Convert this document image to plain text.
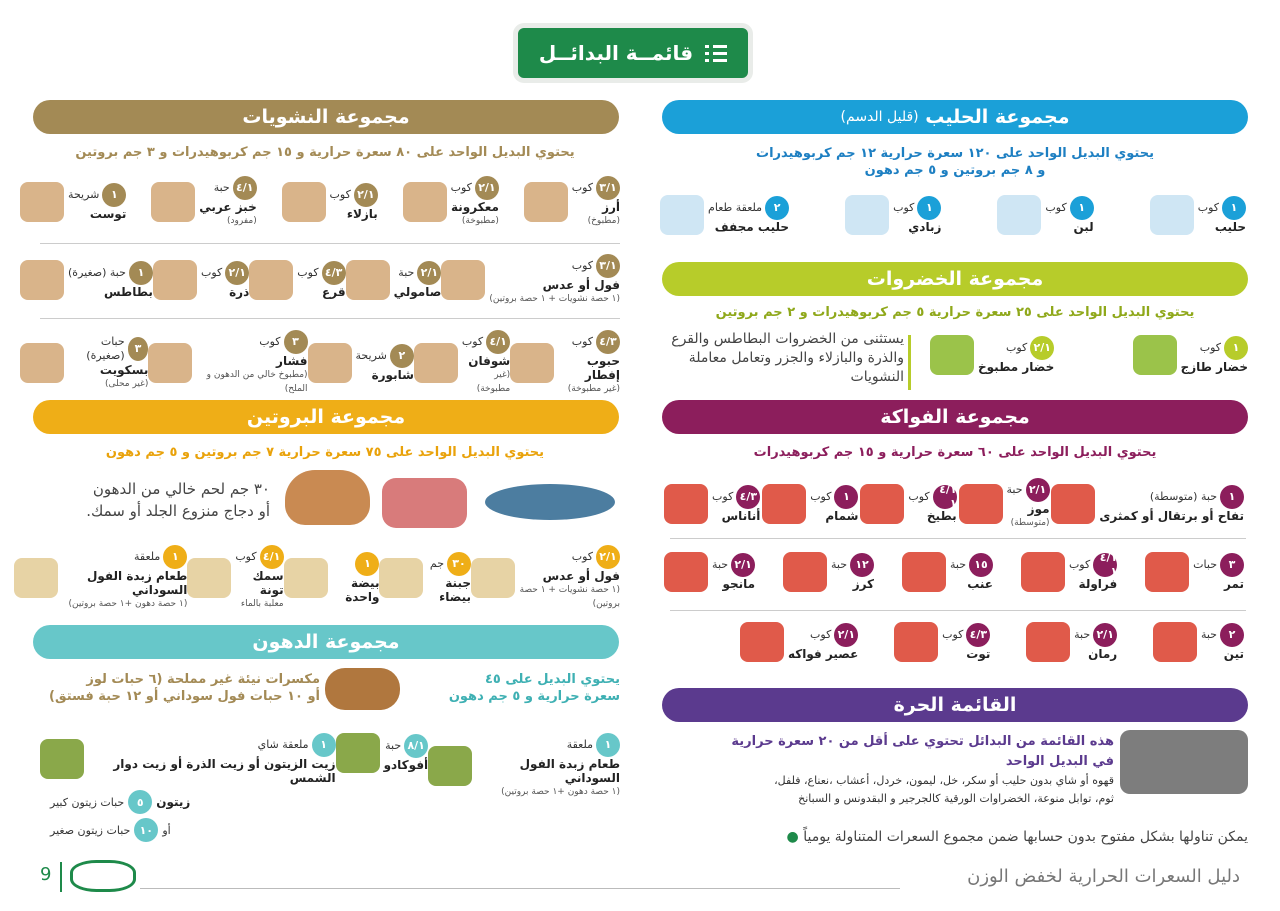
قائمــة البدائــل
مجموعة النشويات
يحتوي البديل الواحد على ٨٠ سعرة حرارية و ١٥ جم كربوهيدرات و ٣ جم بروتين
٣/١
كوب
أرز
(مطبوخ)
٢/١
كوب
معكرونة
(مطبوخة)
٢/١
كوب
بازلاء
٤/١
حبة
خبز عربي
(مفرود)
١
شريحة
توست
٣/١
كوب
فول أو عدس
(١ حصة نشويات + ١ حصة بروتين)
٢/١
حبة
صامولي
٤/٣
كوب
قرع
٢/١
كوب
ذرة
١
حبة (صغيرة)
بطاطس
٤/٣
كوب
حبوب إفطار
(غير مطبوخة)
٤/١
كوب
شوفان
(غير مطبوخة)
٢
شريحة
شابورة
٣
كوب
فشار
(مطبوخ خالي من الدهون و الملح)
٣
حبات (صغيرة)
بسكويت
(غير محلى)
مجموعة البروتين
يحتوي البديل الواحد على ٧٥ سعرة حرارية ٧ جم بروتين و ٥ جم دهون
٣٠ جم لحم خالي من الدهون
أو دجاج منزوع الجلد أو سمك.
٢/١
كوب
فول أو عدس
(١ حصة نشويات + ١ حصة بروتين)
٣٠
جم
جبنة بيضاء
١
بيضة واحدة
٤/١
كوب
سمك تونة
معلبة بالماء
١
ملعقة
طعام زبدة الفول السوداني
(١ حصة دهون +١ حصة بروتين)
مجموعة الدهون
يحتوي البديل على ٤٥
سعرة حرارية و ٥ جم دهون
مكسرات نيئة غير مملحة (٦ حبات لوز
أو ١٠ حبات فول سوداني أو ١٢ حبة فستق)
١
ملعقة
طعام زبدة الفول السوداني
(١ حصة دهون +١ حصة بروتين)
٨/١
حبة
أفوكادو
١
ملعقة شاي
زيت الزيتون أو زيت الذرة أو زيت دوار الشمس
زيتون
٥
حبات زيتون كبير
أو
١٠
حبات زيتون صغير
مجموعة الحليب

(قليل الدسم)
يحتوي البديل الواحد على ١٢٠ سعرة حرارية ١٢ جم كربوهيدرات
و ٨ جم بروتين و ٥ جم دهون
١
كوب
حليب
١
كوب
لبن
١
كوب
زبادي
٢
ملعقة طعام
حليب مجفف
مجموعة الخضروات
يحتوي البديل الواحد على ٢٥ سعرة حرارية ٥ جم كربوهيدرات و ٢ جم بروتين
١
كوب
خضار طازج
٢/١
كوب
خضار مطبوخ
يستثنى من الخضروات البطاطس والقرع والذرة والبازلاء والجزر وتعامل معاملة النشويات
مجموعة الفواكة
يحتوي البديل الواحد على ٦٠ سعرة حرارية و ١٥ جم كربوهيدرات
١
حبة (متوسطة)
تفاح أو برتقال أو كمثرى
٢/١
حبة
موز
(متوسطة)
٤/١ ١
كوب
بطيخ
١
كوب
شمام
٤/٣
كوب
أناناس
٣
حبات
تمر
٤/١ ١
كوب
فراولة
١٥
حبة
عنب
١٢
حبة
كرز
٢/١
حبة
مانجو
٢
حبة
تين
٢/١
حبة
رمان
٤/٣
كوب
توت
٢/١
كوب
عصير فواكه
القائمة الحرة
هذه القائمة من البدائل تحتوي على أقل من ٢٠ سعرة حرارية
في البديل الواحد
قهوه أو شاي بدون حليب أو سكر، خل، ليمون، خردل، أعشاب ،نعناع، فلفل،
ثوم، توابل منوعة، الخضراوات الورقية كالجرجير و البقدونس و السبانخ
يمكن تناولها بشكل مفتوح بدون حسابها ضمن مجموع السعرات المتناولة يومياً ●
دليل السعرات الحرارية لخفض الوزن
9
